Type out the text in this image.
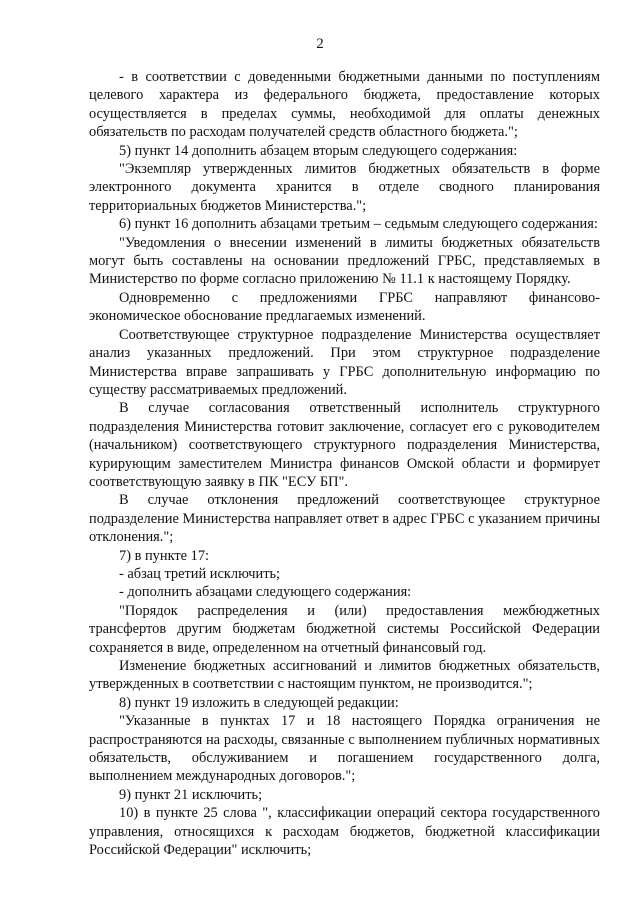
2

- в соответствии с доведенными бюджетными данными по поступлениям целевого характера из федерального бюджета, предоставление которых осуществляется в пределах суммы, необходимой для оплаты денежных обязательств по расходам получателей средств областного бюджета.";

5) пункт 14 дополнить абзацем вторым следующего содержания:

"Экземпляр утвержденных лимитов бюджетных обязательств в форме электронного документа хранится в отделе сводного планирования территориальных бюджетов Министерства.";

6) пункт 16 дополнить абзацами третьим – седьмым следующего содержания:

"Уведомления о внесении изменений в лимиты бюджетных обязательств могут быть составлены на основании предложений ГРБС, представляемых в Министерство по форме согласно приложению № 11.1 к настоящему Порядку.

Одновременно с предложениями ГРБС направляют финансово-экономическое обоснование предлагаемых изменений.

Соответствующее структурное подразделение Министерства осуществляет анализ указанных предложений. При этом структурное подразделение Министерства вправе запрашивать у ГРБС дополнительную информацию по существу рассматриваемых предложений.

В случае согласования ответственный исполнитель структурного подразделения Министерства готовит заключение, согласует его с руководителем (начальником) соответствующего структурного подразделения Министерства, курирующим заместителем Министра финансов Омской области и формирует соответствующую заявку в ПК "ЕСУ БП".

В случае отклонения предложений соответствующее структурное подразделение Министерства направляет ответ в адрес ГРБС с указанием причины отклонения.";

7) в пункте 17:

- абзац третий исключить;

- дополнить абзацами следующего содержания:

"Порядок распределения и (или) предоставления межбюджетных трансфертов другим бюджетам бюджетной системы Российской Федерации сохраняется в виде, определенном на отчетный финансовый год.

Изменение бюджетных ассигнований и лимитов бюджетных обязательств, утвержденных в соответствии с настоящим пунктом, не производится.";

8) пункт 19 изложить в следующей редакции:

"Указанные в пунктах 17 и 18 настоящего Порядка ограничения не распространяются на расходы, связанные с выполнением публичных нормативных обязательств, обслуживанием и погашением государственного долга, выполнением международных договоров.";

9) пункт 21 исключить;

10) в пункте 25 слова ", классификации операций сектора государственного управления, относящихся к расходам бюджетов, бюджетной классификации Российской Федерации" исключить;
